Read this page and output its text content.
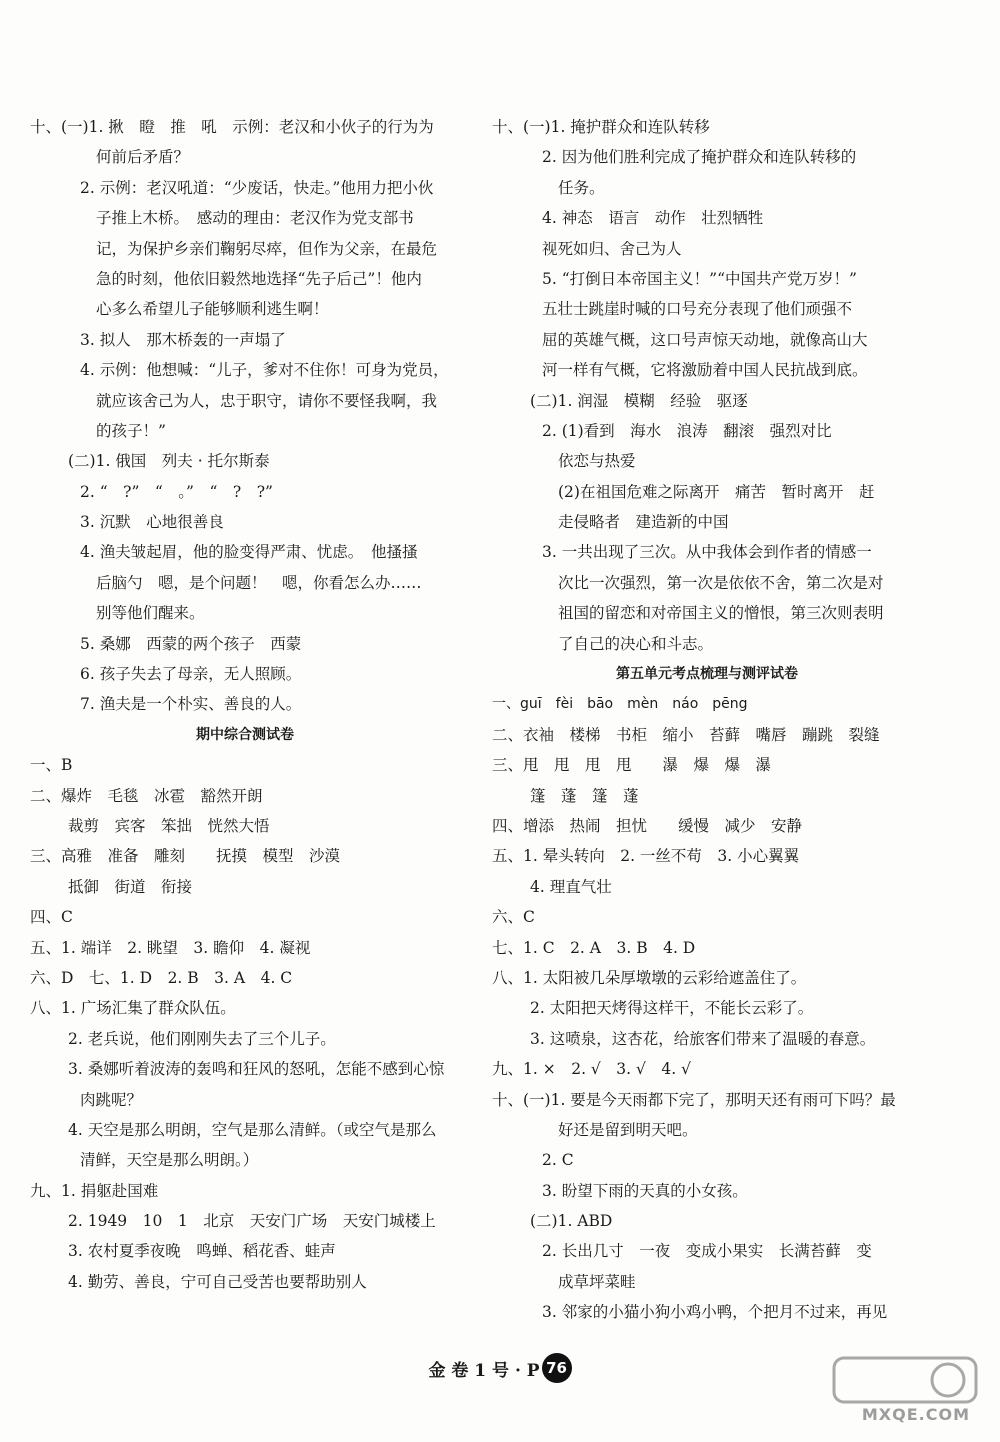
十、(一)1. 揪　瞪　推　吼　示例：老汉和小伙子的行为为
何前后矛盾？
2. 示例：老汉吼道：“少废话，快走。”他用力把小伙
子推上木桥。　感动的理由：老汉作为党支部书
记，为保护乡亲们鞠躬尽瘁，但作为父亲，在最危
急的时刻，他依旧毅然地选择“先子后己”！他内
心多么希望儿子能够顺利逃生啊！
3. 拟人　那木桥轰的一声塌了
4. 示例：他想喊：“儿子，爹对不住你！可身为党员，
就应该舍己为人，忠于职守，请你不要怪我啊，我
的孩子！”
(二)1. 俄国　列夫 · 托尔斯泰
2. “　?”　“　。”　“　?　?”
3. 沉默　心地很善良
4. 渔夫皱起眉，他的脸变得严肃、忧虑。　他搔搔
后脑勺　嗯，是个问题！　嗯，你看怎么办……
别等他们醒来。
5. 桑娜　西蒙的两个孩子　西蒙
6. 孩子失去了母亲，无人照顾。
7. 渔夫是一个朴实、善良的人。
期中综合测试卷
一、B
二、爆炸　毛毯　冰雹　豁然开朗
裁剪　宾客　笨拙　恍然大悟
三、高雅　准备　雕刻　　抚摸　模型　沙漠
抵御　街道　衔接
四、C
五、1. 端详　2. 眺望　3. 瞻仰　4. 凝视
六、D　七、1. D　2. B　3. A　4. C
八、1. 广场汇集了群众队伍。
2. 老兵说，他们刚刚失去了三个儿子。
3. 桑娜听着波涛的轰鸣和狂风的怒吼，怎能不感到心惊
肉跳呢？
4. 天空是那么明朗，空气是那么清鲜。（或空气是那么
清鲜，天空是那么明朗。）
九、1. 捐躯赴国难
2. 1949　10　1　北京　天安门广场　天安门城楼上
3. 农村夏季夜晚　鸣蝉、稻花香、蛙声
4. 勤劳、善良，宁可自己受苦也要帮助别人
十、(一)1. 掩护群众和连队转移
2. 因为他们胜利完成了掩护群众和连队转移的
任务。
4. 神态　语言　动作　壮烈牺牲
视死如归、舍己为人
5. “打倒日本帝国主义！”“中国共产党万岁！”
五壮士跳崖时喊的口号充分表现了他们顽强不
屈的英雄气概，这口号声惊天动地，就像高山大
河一样有气概，它将激励着中国人民抗战到底。
(二)1. 润湿　模糊　经验　驱逐
2. (1)看到　海水　浪涛　翻滚　强烈对比
依恋与热爱
(2)在祖国危难之际离开　痛苦　暂时离开　赶
走侵略者　建造新的中国
3. 一共出现了三次。从中我体会到作者的情感一
次比一次强烈，第一次是依依不舍，第二次是对
祖国的留恋和对帝国主义的憎恨，第三次则表明
了自己的决心和斗志。
第五单元考点梳理与测评试卷
一、guī　fèi　bāo　mèn　náo　pēng
二、衣袖　楼梯　书柜　缩小　苔藓　嘴唇　蹦跳　裂缝
三、甩　甩　甩　甩　　瀑　爆　爆　瀑
篷　蓬　篷　蓬
四、增添　热闹　担忧　　缓慢　减少　安静
五、1. 晕头转向　2. 一丝不苟　3. 小心翼翼
4. 理直气壮
六、C
七、1. C　2. A　3. B　4. D
八、1. 太阳被几朵厚墩墩的云彩给遮盖住了。
2. 太阳把天烤得这样干，不能长云彩了。
3. 这喷泉，这杏花，给旅客们带来了温暖的春意。
九、1. ×　2. √　3. √　4. √
十、(一)1. 要是今天雨都下完了，那明天还有雨可下吗？最
好还是留到明天吧。
2. C
3. 盼望下雨的天真的小女孩。
(二)1. ABD
2. 长出几寸　一夜　变成小果实　长满苔藓　变
成草坪菜畦
3. 邻家的小猫小狗小鸡小鸭，个把月不过来，再见
金 卷 1 号 · P 76
MXQE.COM
